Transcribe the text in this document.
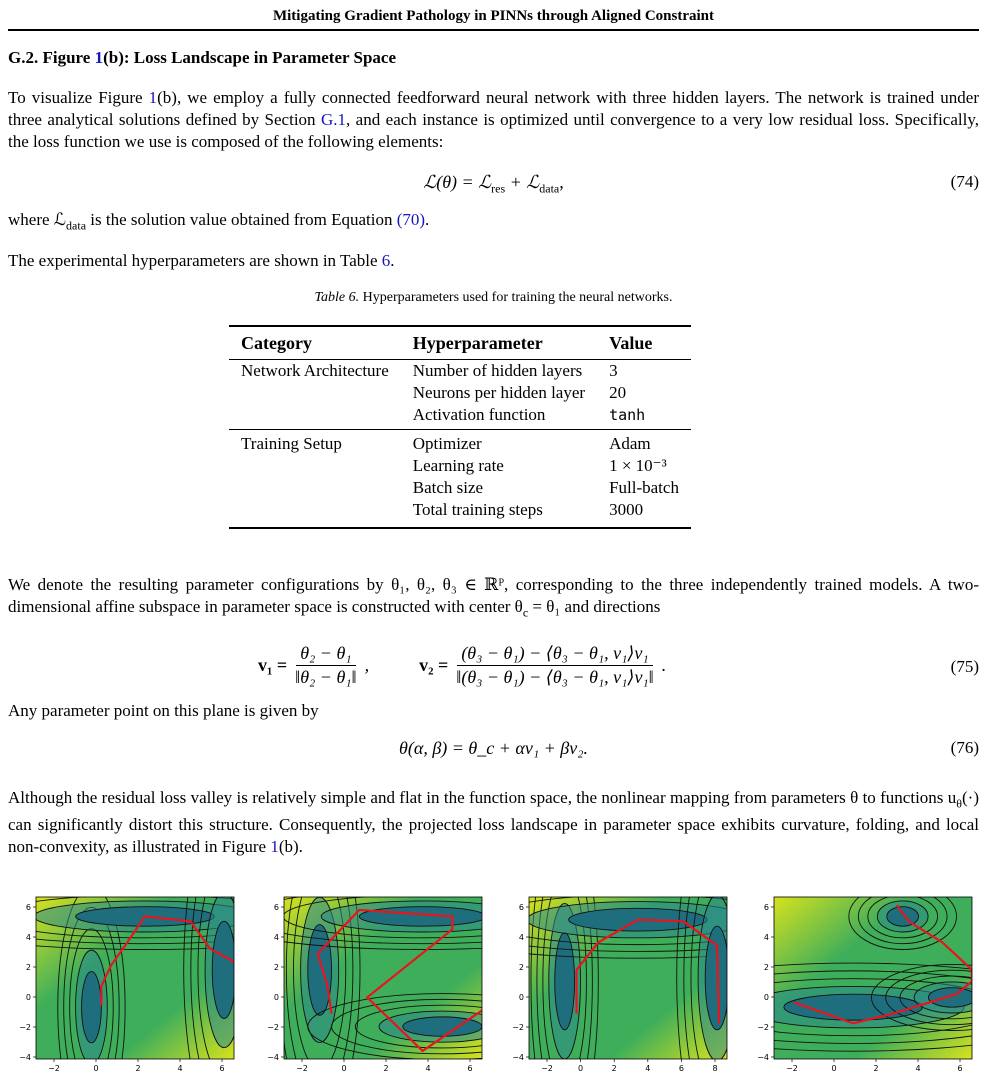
Mitigating Gradient Pathology in PINNs through Aligned Constraint
G.2. Figure 1(b): Loss Landscape in Parameter Space
To visualize Figure 1(b), we employ a fully connected feedforward neural network with three hidden layers. The network is trained under three analytical solutions defined by Section G.1, and each instance is optimized until convergence to a very low residual loss. Specifically, the loss function we use is composed of the following elements:
ℒ(θ) = ℒ$_{res}$ + ℒ$_{data}$,	(74)
where ℒ$_{data}$ is the solution value obtained from Equation (70).
The experimental hyperparameters are shown in Table 6.
Table 6. Hyperparameters used for training the neural networks.
Category	Hyperparameter	Value
Network Architecture	Number of hidden layers	3
	Neurons per hidden layer	20
	Activation function	tanh
Training Setup	Optimizer	Adam
	Learning rate	1 × 10⁻³
	Batch size	Full-batch
	Total training steps	3000
We denote the resulting parameter configurations by θ₁, θ₂, θ₃ ∈ ℝᴾ, corresponding to the three independently trained models. A two-dimensional affine subspace in parameter space is constructed with center $\theta_c = \theta_1$ and directions
$v_1 = \frac{\text{θ₂ − θ₁}}{\text{‖θ₂ − θ₁‖}}$ ,	$v_2 = \frac{\text{(θ₃ − θ₁) − ⟨θ₃ − θ₁, v₁⟩v₁}}{\text{‖(θ₃ − θ₁) − ⟨θ₃ − θ₁, v₁⟩v₁‖}}$ .	(75)
Any parameter point on this plane is given by
θ(α, β) = θ_c + αv₁ + βv₂.	(76)
Although the residual loss valley is relatively simple and flat in the function space, the nonlinear mapping from parameters θ to functions $u_\theta(\cdot)$ can significantly distort this structure. Consequently, the projected loss landscape in parameter space exhibits curvature, folding, and local non-convexity, as illustrated in Figure 1(b).
−2	0	2	4	6
6
4
2
0
−2
−4
−2	0	2	4	6
6
4
2
0
−2
−4
−2	0	2	4	6	8
6
4
2
0
−2
−4
−2	0	2	4	6
6
4
2
0
−2
−4
